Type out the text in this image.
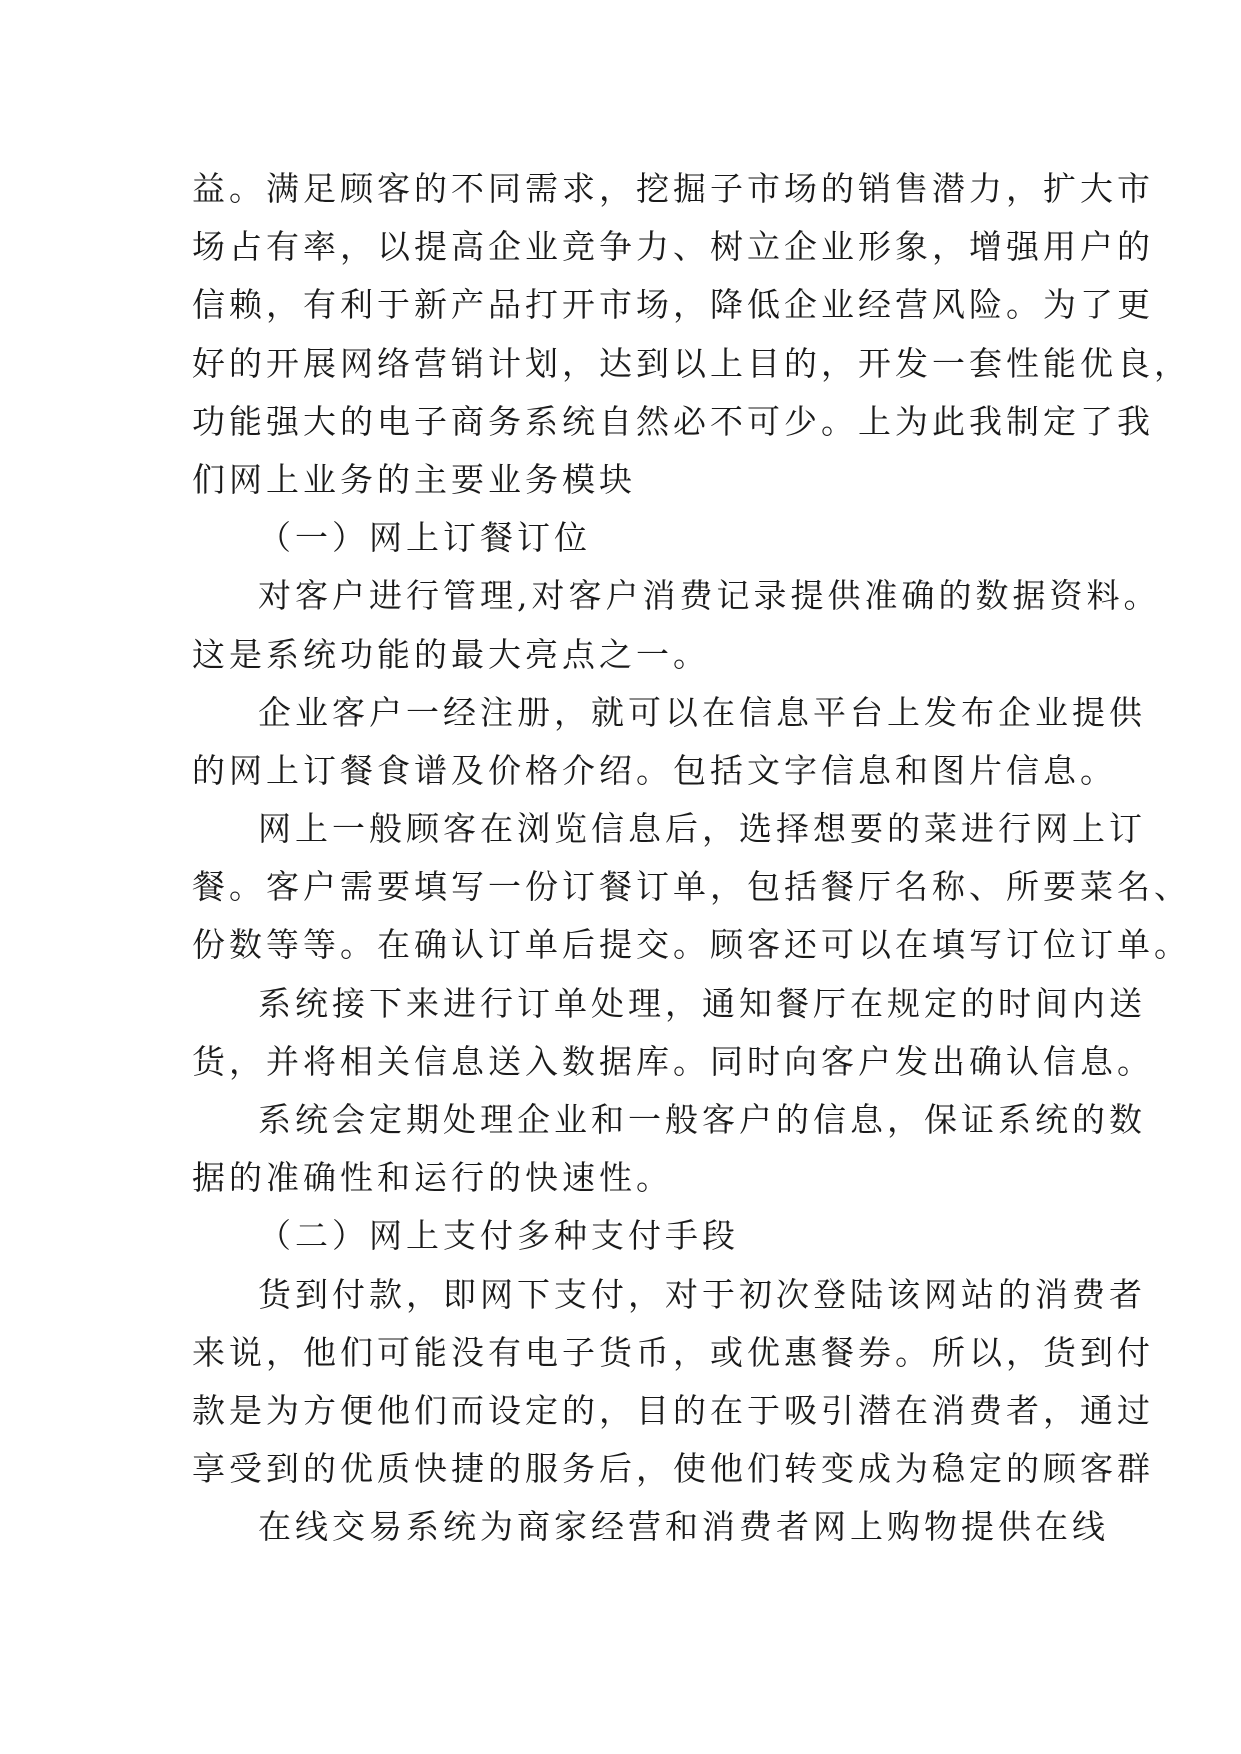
益。满足顾客的不同需求，挖掘子市场的销售潜力，扩大市
场占有率，以提高企业竞争力、树立企业形象，增强用户的
信赖，有利于新产品打开市场，降低企业经营风险。为了更
好的开展网络营销计划，达到以上目的，开发一套性能优良，
功能强大的电子商务系统自然必不可少。上为此我制定了我
们网上业务的主要业务模块
（一）网上订餐订位
对客户进行管理,对客户消费记录提供准确的数据资料。
这是系统功能的最大亮点之一。
企业客户一经注册，就可以在信息平台上发布企业提供
的网上订餐食谱及价格介绍。包括文字信息和图片信息。
网上一般顾客在浏览信息后，选择想要的菜进行网上订
餐。客户需要填写一份订餐订单，包括餐厅名称、所要菜名、
份数等等。在确认订单后提交。顾客还可以在填写订位订单。
系统接下来进行订单处理，通知餐厅在规定的时间内送
货，并将相关信息送入数据库。同时向客户发出确认信息。
系统会定期处理企业和一般客户的信息，保证系统的数
据的准确性和运行的快速性。
（二）网上支付多种支付手段
货到付款，即网下支付，对于初次登陆该网站的消费者
来说，他们可能没有电子货币，或优惠餐券。所以，货到付
款是为方便他们而设定的，目的在于吸引潜在消费者，通过
享受到的优质快捷的服务后，使他们转变成为稳定的顾客群
在线交易系统为商家经营和消费者网上购物提供在线
